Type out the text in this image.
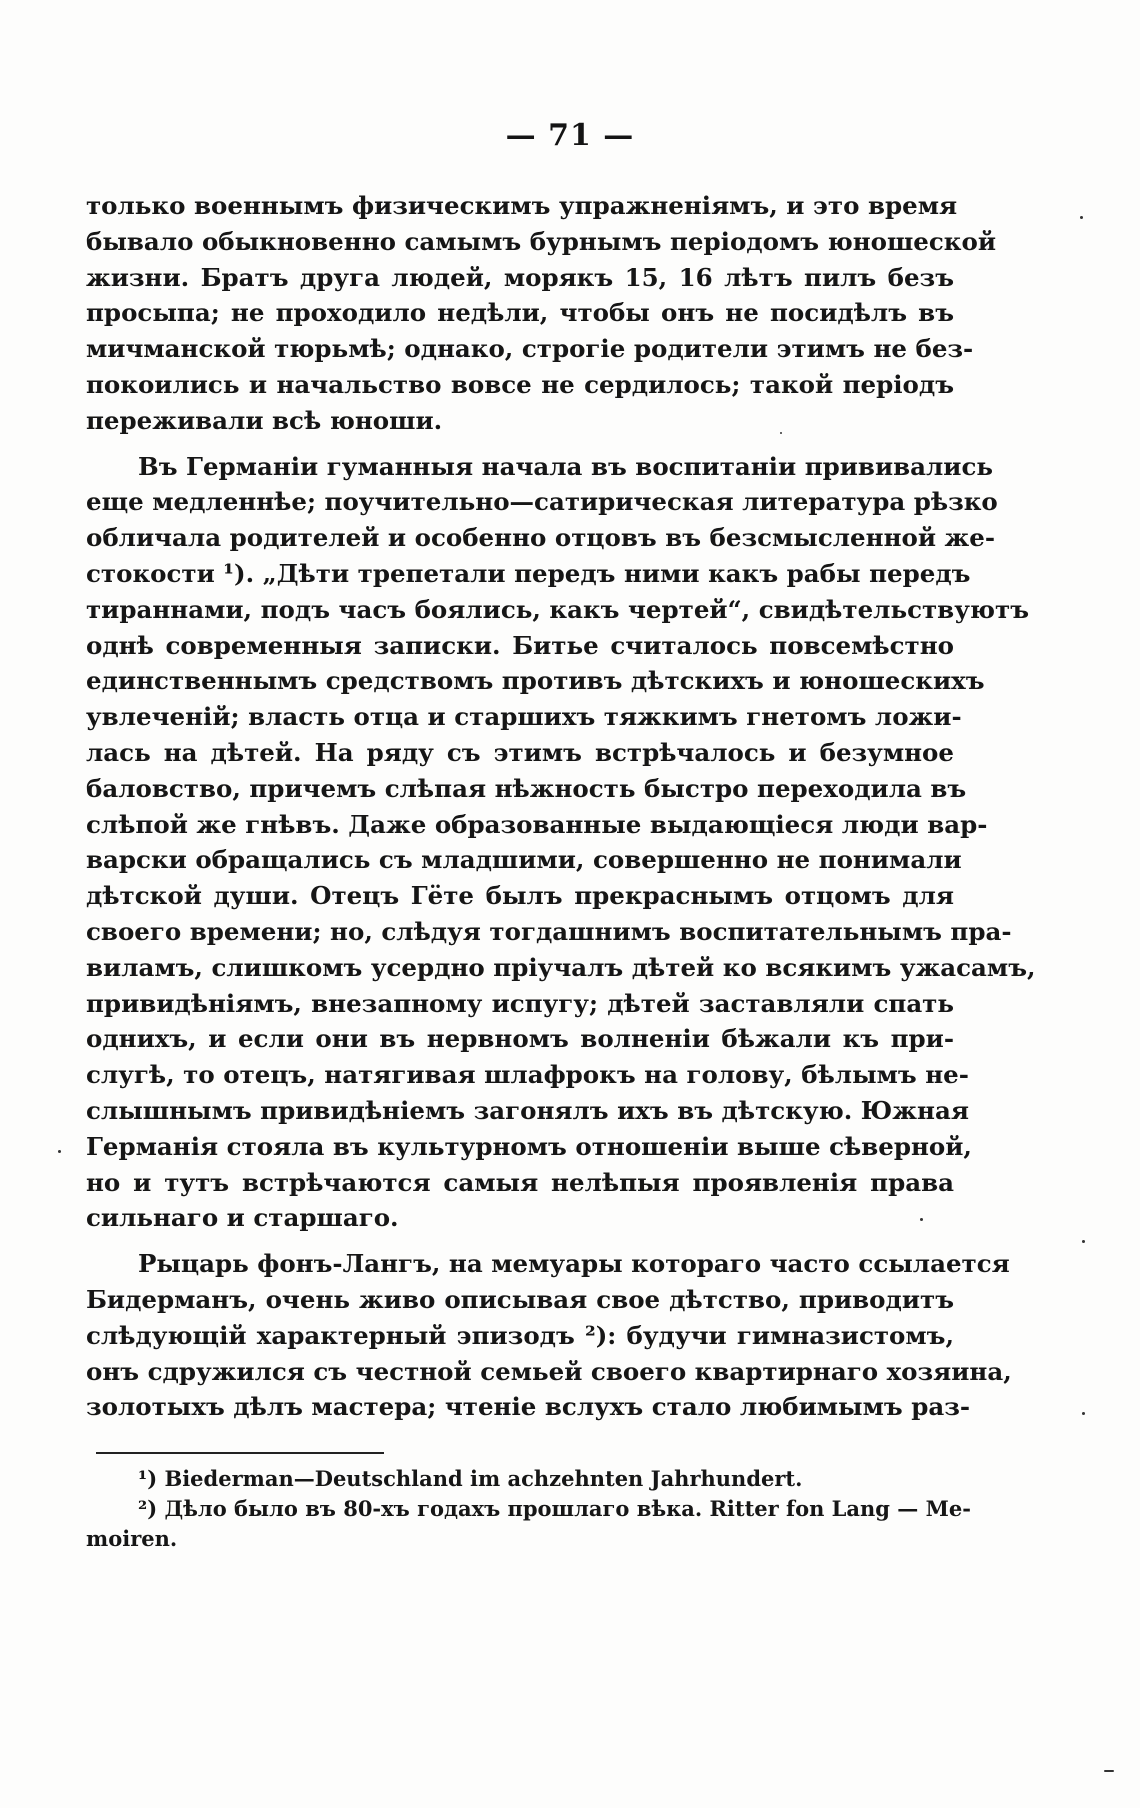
— 71 —
только военнымъ физическимъ упражненіямъ, и это время
бывало обыкновенно самымъ бурнымъ періодомъ юношеской
жизни. Братъ друга людей, морякъ 15, 16 лѣтъ пилъ безъ
просыпа; не проходило недѣли, чтобы онъ не посидѣлъ въ
мичманской тюрьмѣ; однако, строгіе родители этимъ не без-
покоились и начальство вовсе не сердилось; такой періодъ
переживали всѣ юноши.
Въ Германіи гуманныя начала въ воспитаніи прививались
еще медленнѣе; поучительно—сатирическая литература рѣзко
обличала родителей и особенно отцовъ въ безсмысленной же-
стокости ¹). „Дѣти трепетали передъ ними какъ рабы передъ
тираннами, подъ часъ боялись, какъ чертей“, свидѣтельствуютъ
однѣ современныя записки. Битье считалось повсемѣстно
единственнымъ средствомъ противъ дѣтскихъ и юношескихъ
увлеченій; власть отца и старшихъ тяжкимъ гнетомъ ложи-
лась на дѣтей. На ряду съ этимъ встрѣчалось и безумное
баловство, причемъ слѣпая нѣжность быстро переходила въ
слѣпой же гнѣвъ. Даже образованные выдающіеся люди вар-
варски обращались съ младшими, совершенно не понимали
дѣтской души. Отецъ Гёте былъ прекраснымъ отцомъ для
своего времени; но, слѣдуя тогдашнимъ воспитательнымъ пра-
виламъ, слишкомъ усердно пріучалъ дѣтей ко всякимъ ужасамъ,
привидѣніямъ, внезапному испугу; дѣтей заставляли спать
однихъ, и если они въ нервномъ волненіи бѣжали къ при-
слугѣ, то отецъ, натягивая шлафрокъ на голову, бѣлымъ не-
слышнымъ привидѣніемъ загонялъ ихъ въ дѣтскую. Южная
Германія стояла въ культурномъ отношеніи выше сѣверной,
но и тутъ встрѣчаются самыя нелѣпыя проявленія права
сильнаго и старшаго.
Рыцарь фонъ-Лангъ, на мемуары котораго часто ссылается
Бидерманъ, очень живо описывая свое дѣтство, приводитъ
слѣдующій характерный эпизодъ ²): будучи гимназистомъ,
онъ сдружился съ честной семьей своего квартирнаго хозяина,
золотыхъ дѣлъ мастера; чтеніе вслухъ стало любимымъ раз-
¹) Biederman—Deutschland im achzehnten Jahrhundert.
²) Дѣло было въ 80-хъ годахъ прошлаго вѣка. Ritter fon Lang — Me-
moiren.
